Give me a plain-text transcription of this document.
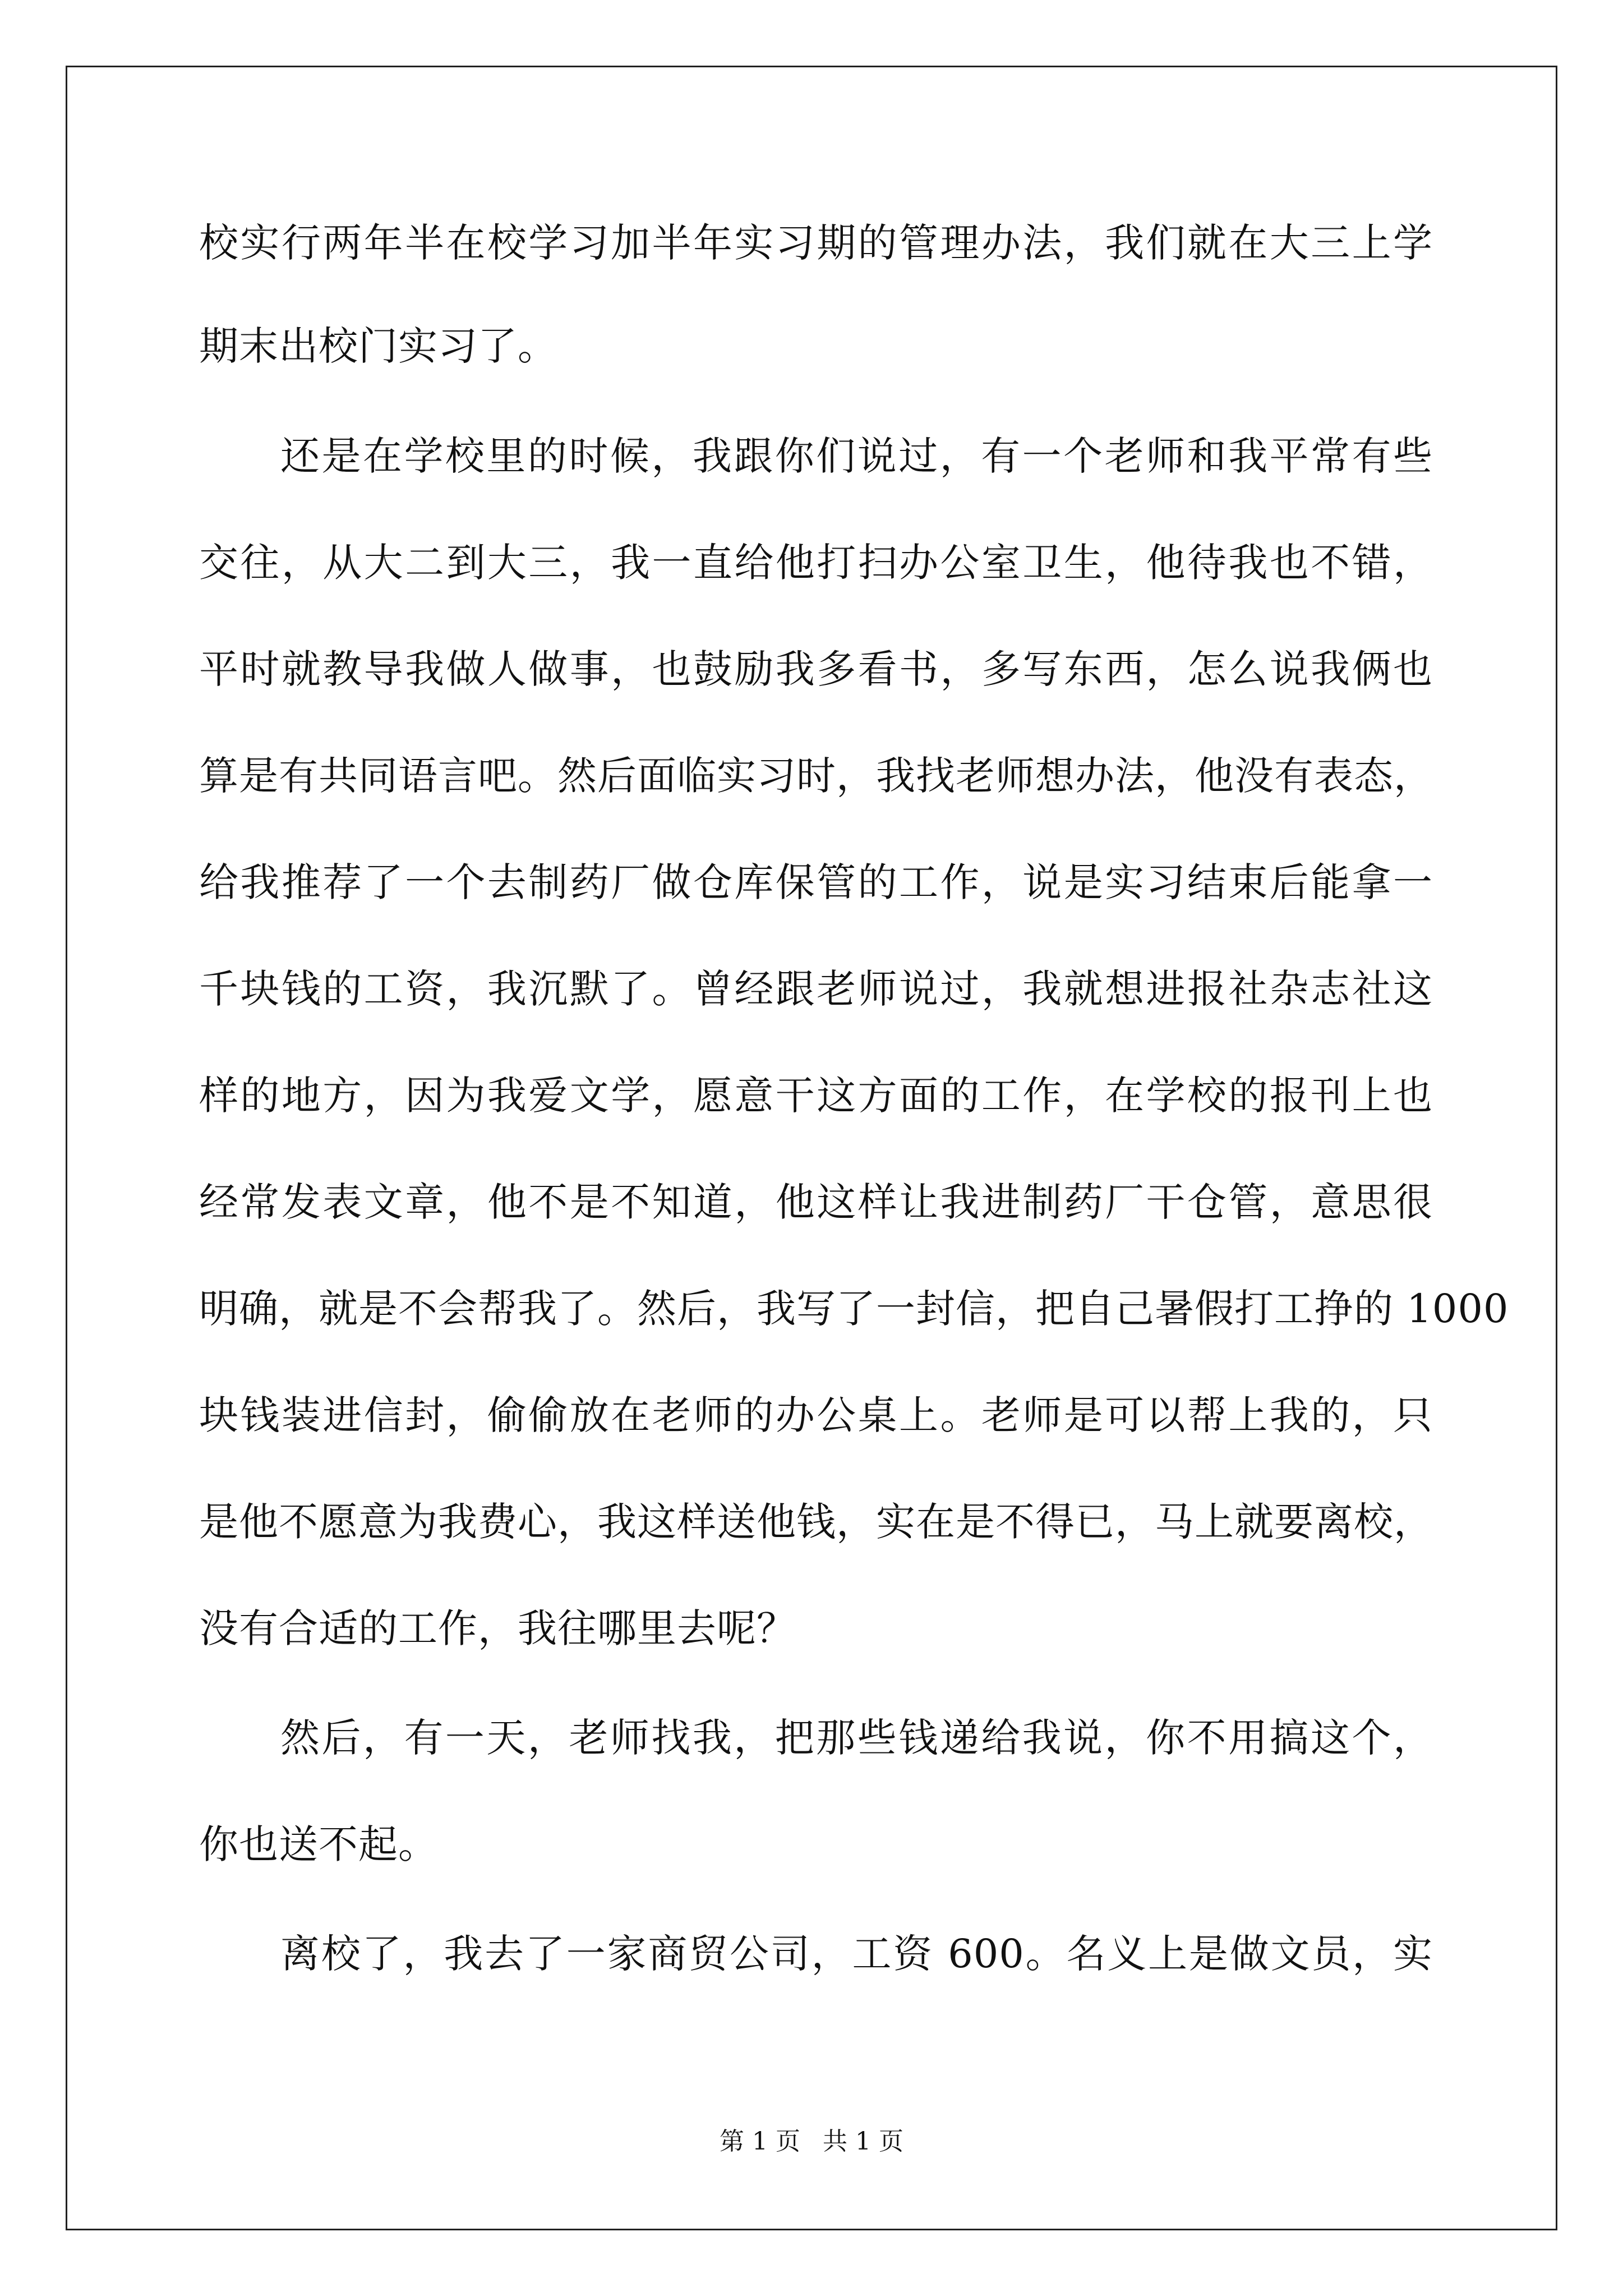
校实行两年半在校学习加半年实习期的管理办法，我们就在大三上学
期末出校门实习了。
还是在学校里的时候，我跟你们说过，有一个老师和我平常有些
交往，从大二到大三，我一直给他打扫办公室卫生，他待我也不错，
平时就教导我做人做事，也鼓励我多看书，多写东西，怎么说我俩也
算是有共同语言吧。然后面临实习时，我找老师想办法，他没有表态，
给我推荐了一个去制药厂做仓库保管的工作，说是实习结束后能拿一
千块钱的工资，我沉默了。曾经跟老师说过，我就想进报社杂志社这
样的地方，因为我爱文学，愿意干这方面的工作，在学校的报刊上也
经常发表文章，他不是不知道，他这样让我进制药厂干仓管，意思很
明确，就是不会帮我了。然后，我写了一封信，把自己暑假打工挣的 1000
块钱装进信封，偷偷放在老师的办公桌上。老师是可以帮上我的，只
是他不愿意为我费心，我这样送他钱，实在是不得已，马上就要离校，
没有合适的工作，我往哪里去呢？
然后，有一天，老师找我，把那些钱递给我说，你不用搞这个，
你也送不起。
离校了，我去了一家商贸公司，工资 600。名义上是做文员，实
第 1 页 共 1 页
